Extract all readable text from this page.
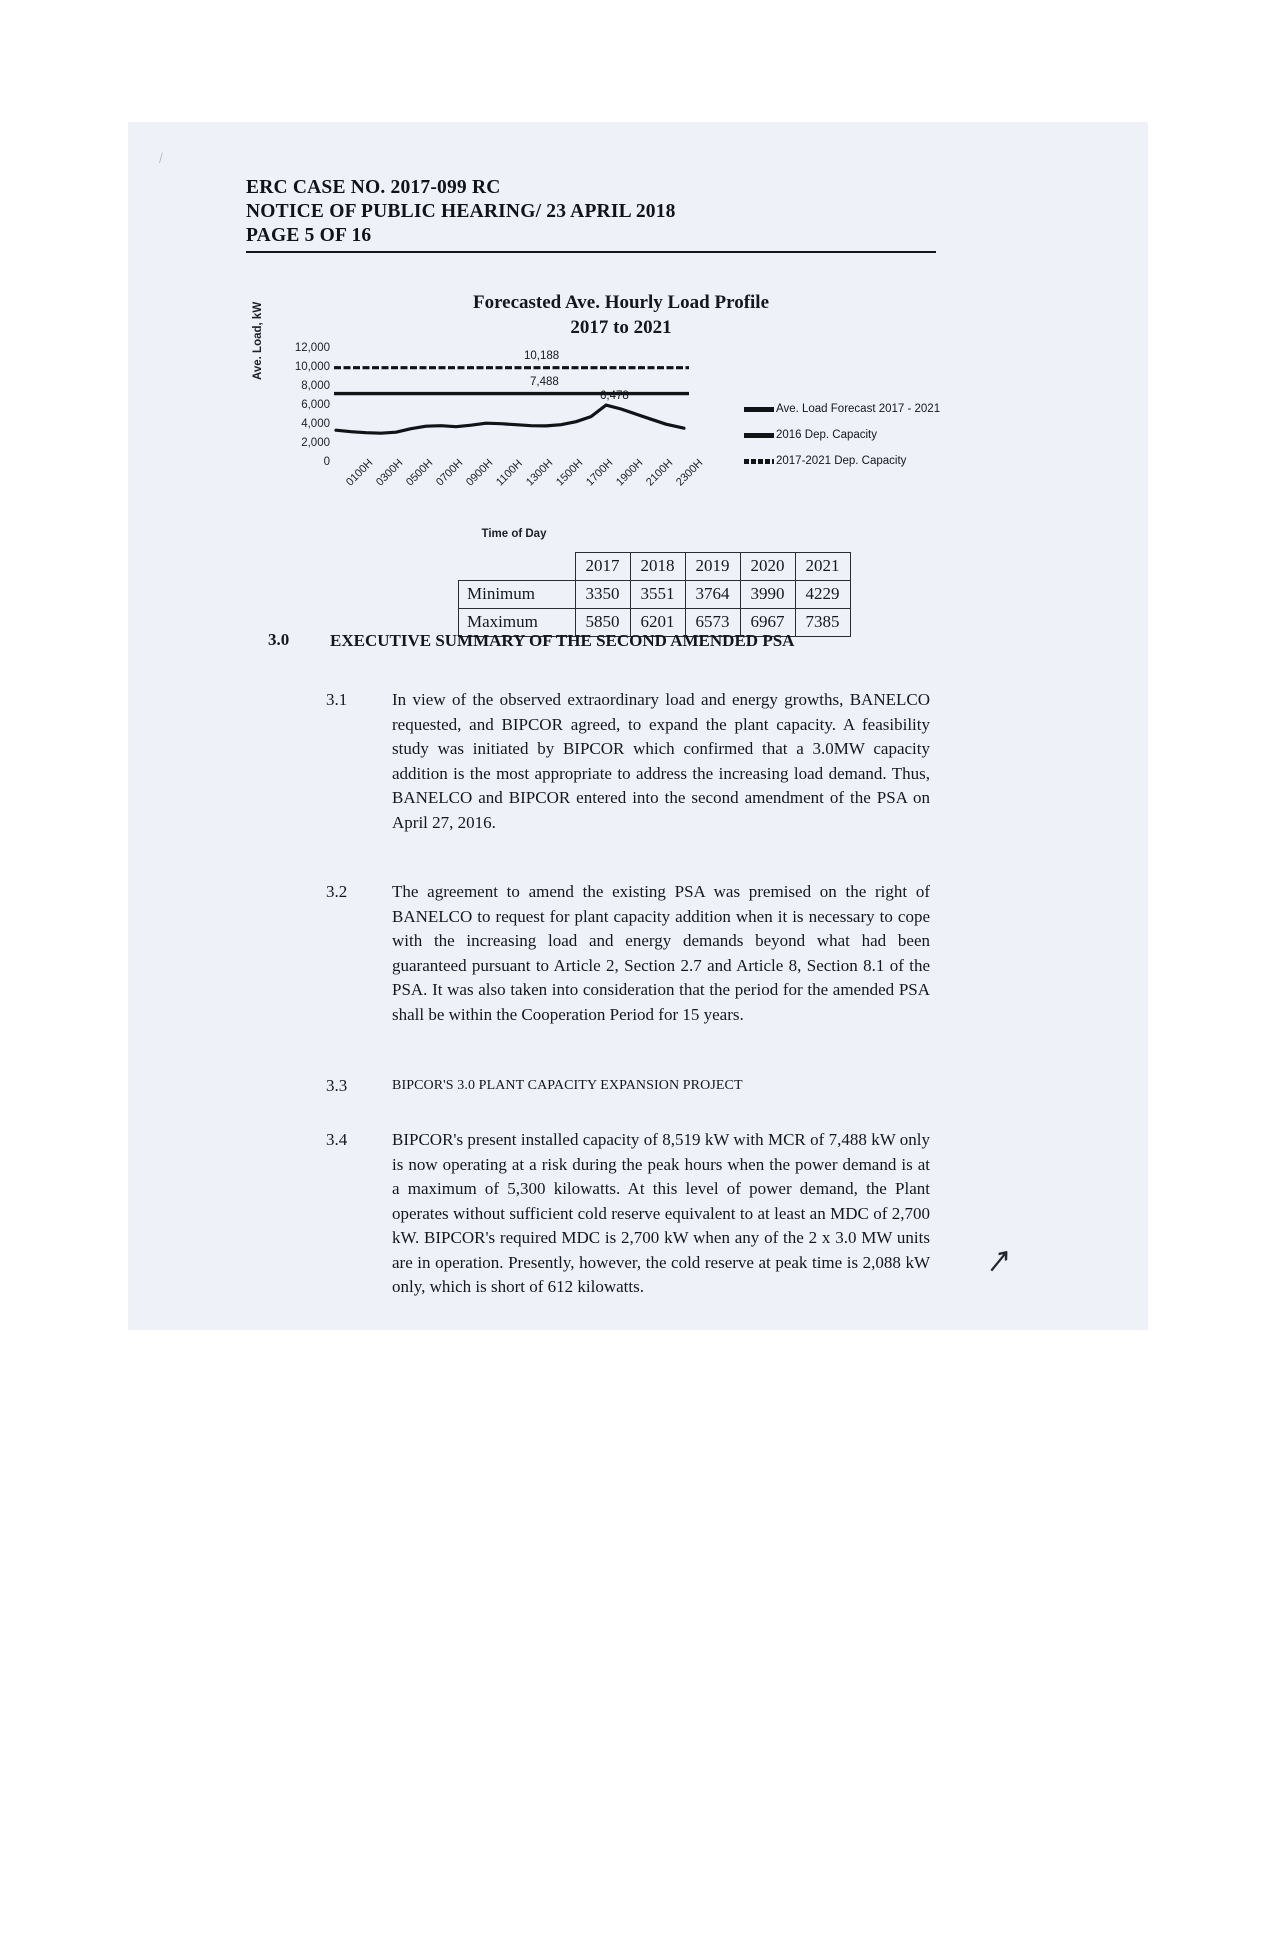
⁄
ERC CASE NO. 2017-099 RC
NOTICE OF PUBLIC HEARING/ 23 APRIL 2018
PAGE 5 OF 16
Forecasted Ave. Hourly Load Profile
2017 to 2021
Ave. Load, kW	12,000
10,000
8,000
6,000
4,000
2,000
0
10,188
7,488
6,478
0100H
0300H
0500H
0700H
0900H
1100H 1300H
1500H
1700H
1900H
2100H
2300H
Time of Day
Ave. Load Forecast 2017 - 2021
2016 Dep. Capacity
2017-2021 Dep. Capacity
	2017	2018	2019	2020	2021
Minimum	3350	3551	3764	3990	4229
Maximum	5850	6201	6573	6967	7385
3.0	EXECUTIVE SUMMARY OF THE SECOND AMENDED PSA
3.1	In view of the observed extraordinary load and energy growths, BANELCO requested, and BIPCOR agreed, to expand the plant capacity. A feasibility study was initiated by BIPCOR which confirmed that a 3.0MW capacity addition is the most appropriate to address the increasing load demand. Thus, BANELCO and BIPCOR entered into the second amendment of the PSA on April 27, 2016.
3.2	The agreement to amend the existing PSA was premised on the right of BANELCO to request for plant capacity addition when it is necessary to cope with the increasing load and energy demands beyond what had been guaranteed pursuant to Article 2, Section 2.7 and Article 8, Section 8.1 of the PSA. It was also taken into consideration that the period for the amended PSA shall be within the Cooperation Period for 15 years.
3.3	BIPCOR'S 3.0 PLANT CAPACITY EXPANSION PROJECT
3.4	BIPCOR's present installed capacity of 8,519 kW with MCR of 7,488 kW only is now operating at a risk during the peak hours when the power demand is at a maximum of 5,300 kilowatts. At this level of power demand, the Plant operates without sufficient cold reserve equivalent to at least an MDC of 2,700 kW. BIPCOR's required MDC is 2,700 kW when any of the 2 x 3.0 MW units are in operation. Presently, however, the cold reserve at peak time is 2,088 kW only, which is short of 612 kilowatts.
↗
